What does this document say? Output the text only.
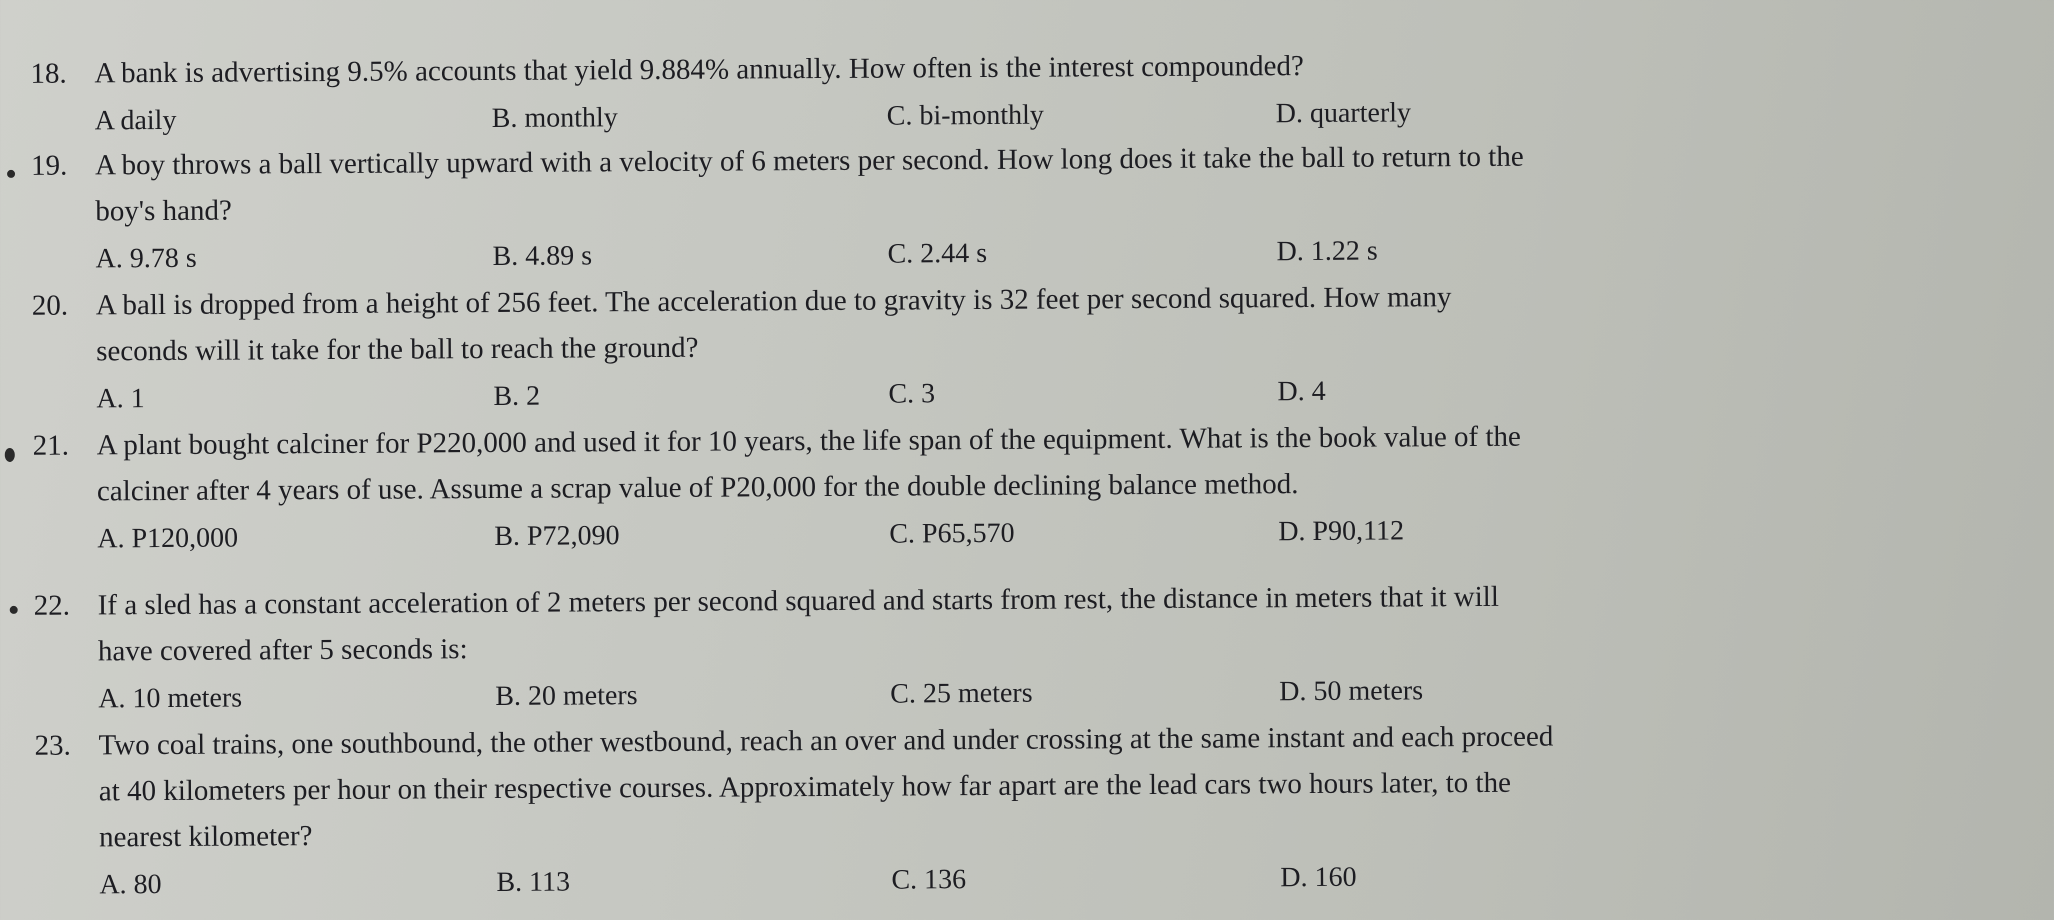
18. A bank is advertising 9.5% accounts that yield 9.884% annually. How often is the interest compounded?
A daily	B. monthly	C. bi-monthly	D. quarterly
19. A boy throws a ball vertically upward with a velocity of 6 meters per second. How long does it take the ball to return to the
boy's hand?
A. 9.78 s	B. 4.89 s	C. 2.44 s	D. 1.22 s
20. A ball is dropped from a height of 256 feet. The acceleration due to gravity is 32 feet per second squared. How many
seconds will it take for the ball to reach the ground?
A. 1	B. 2	C. 3	D. 4
21. A plant bought calciner for P220,000 and used it for 10 years, the life span of the equipment. What is the book value of the
calciner after 4 years of use. Assume a scrap value of P20,000 for the double declining balance method.
A. P120,000	B. P72,090	C. P65,570	D. P90,112
22. If a sled has a constant acceleration of 2 meters per second squared and starts from rest, the distance in meters that it will
have covered after 5 seconds is:
A. 10 meters	B. 20 meters	C. 25 meters	D. 50 meters
23. Two coal trains, one southbound, the other westbound, reach an over and under crossing at the same instant and each proceed
at 40 kilometers per hour on their respective courses. Approximately how far apart are the lead cars two hours later, to the
nearest kilometer?
A. 80	B. 113	C. 136	D. 160
